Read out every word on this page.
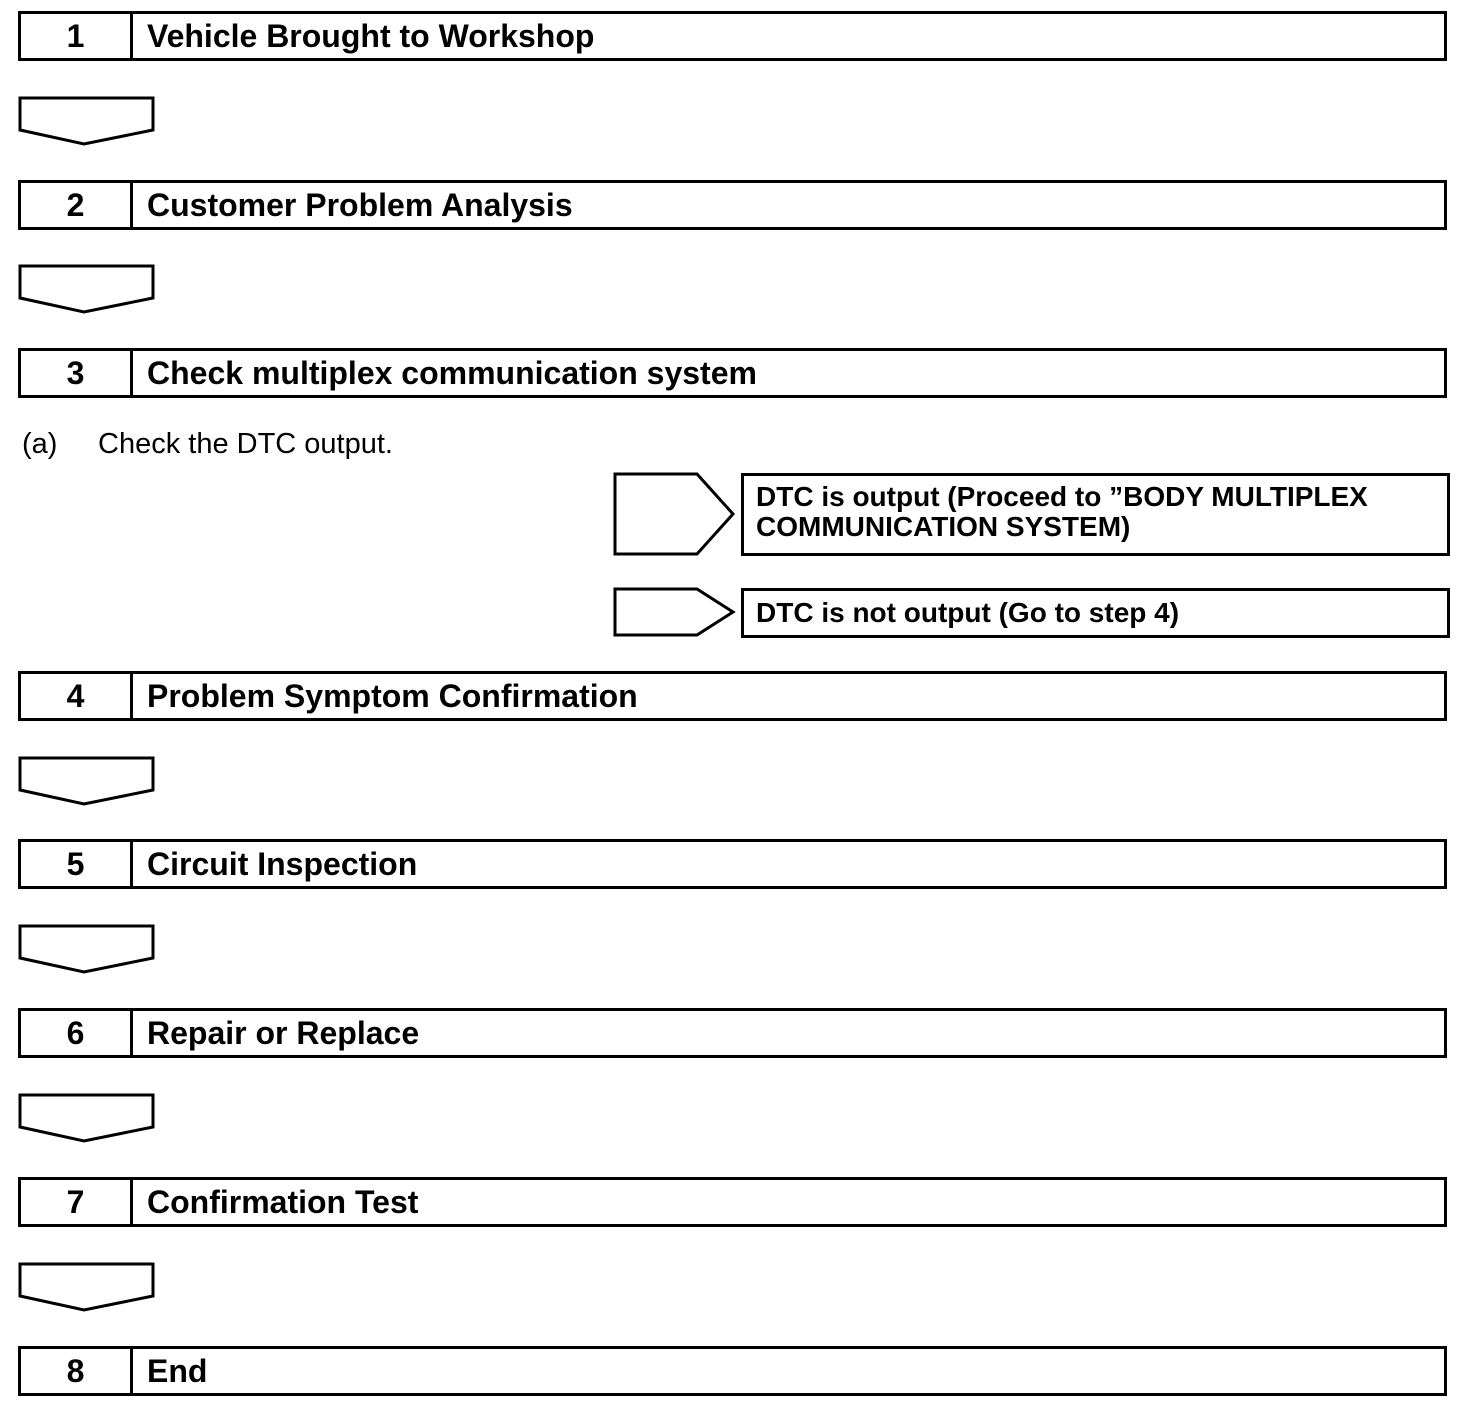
1	Vehicle Brought to Workshop
2	Customer Problem Analysis
3	Check multiplex communication system
(a) Check the DTC output.
DTC is output (Proceed to ”BODY MULTIPLEX
COMMUNICATION SYSTEM)
DTC is not output (Go to step 4)
4	Problem Symptom Confirmation
5	Circuit Inspection
6	Repair or Replace
7	Confirmation Test
8	End
